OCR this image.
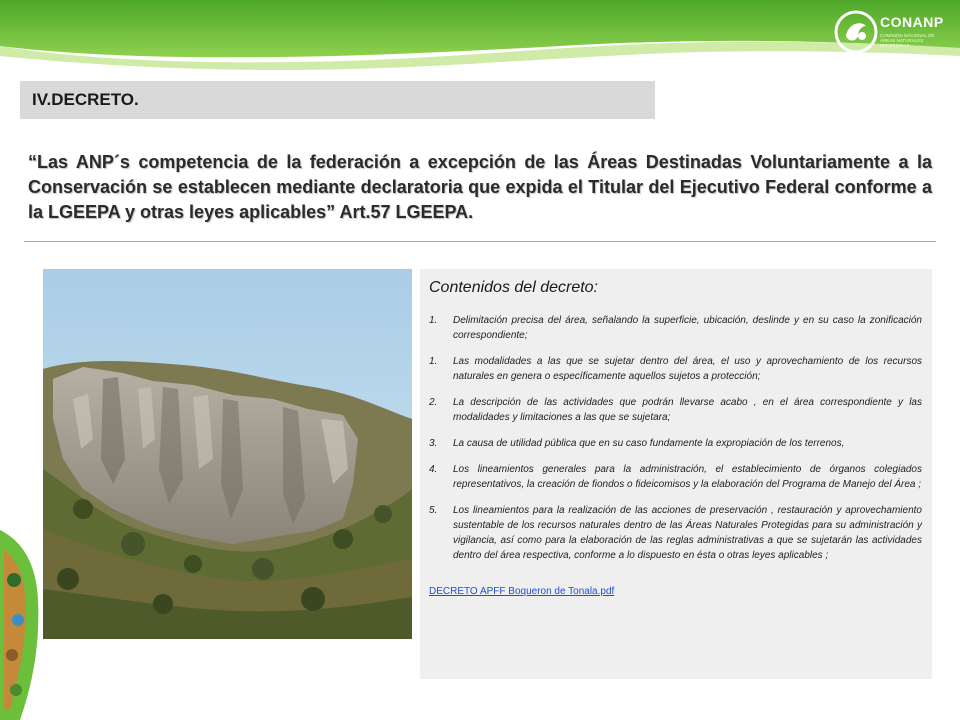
CONANP
COMISIÓN NACIONAL DE ÁREAS NATURALES PROTEGIDAS
IV.DECRETO.
“Las ANP´s competencia de la federación a excepción de las Áreas Destinadas Voluntariamente a la Conservación se establecen mediante declaratoria que expida el Titular del Ejecutivo Federal conforme a la LGEEPA y otras leyes aplicables” Art.57 LGEEPA.
Contenidos del decreto:
1.	Delimitación precisa del área, señalando la superficie, ubicación, deslinde y en su caso la zonificación correspondiente;
1.	Las modalidades a las que se sujetar dentro del área, el uso y aprovechamiento de los recursos naturales en genera o específicamente aquellos sujetos a protección;
2.	La descripción de las actividades que podrán llevarse acabo , en el área correspondiente y las modalidades y limitaciones a las que se sujetara;
3.	La causa de utilidad pública que en su caso fundamente la expropiación de los terrenos,
4.	Los lineamientos generales para la administración, el establecimiento de órganos colegiados representativos, la creación de fiondos o fideicomisos y la elaboración del Programa de Manejo del Área ;
5.	Los lineamientos para la realización de las acciones de preservación , restauración y aprovechamiento sustentable de los recursos naturales dentro de las Áreas Naturales Protegidas para su administración y vigilancia, así como para la elaboración de las reglas administrativas a que se sujetarán las actividades dentro del área respectiva, conforme a lo dispuesto en ésta o otras leyes aplicables ;
DECRETO APFF Boqueron de Tonala.pdf
